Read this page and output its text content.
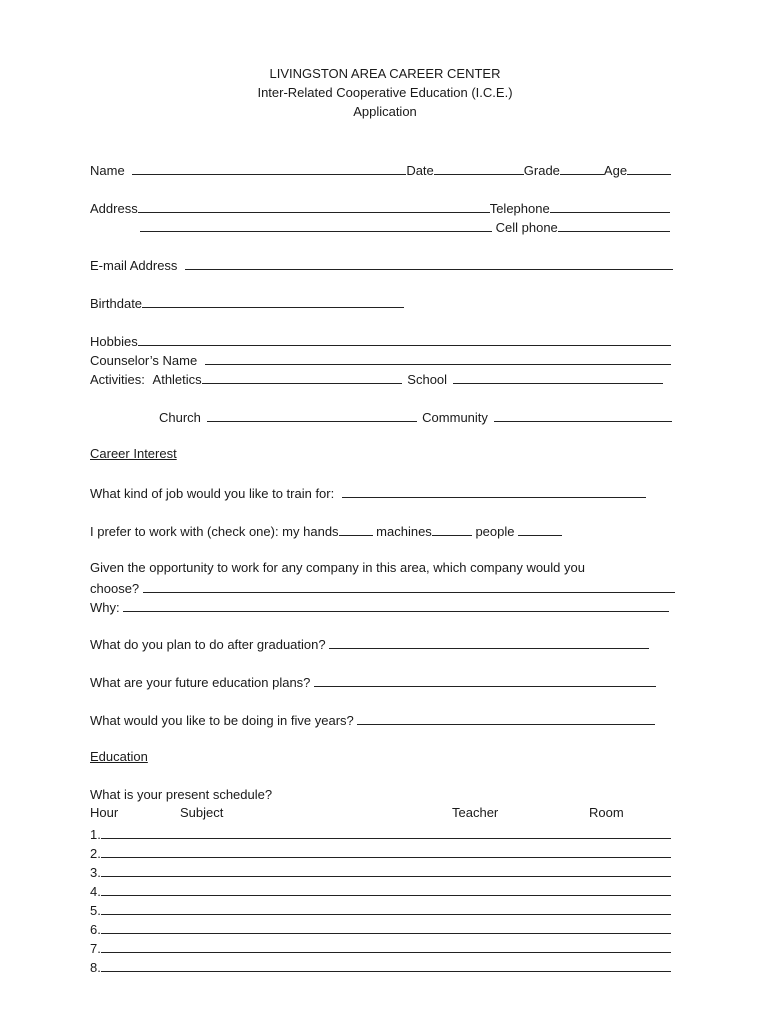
LIVINGSTON AREA CAREER CENTER
Inter-Related Cooperative Education (I.C.E.)
Application
Name	Date	Grade	Age
Address	Telephone
Cell phone
E-mail Address
Birthdate
Hobbies
Counselor’s Name
Activities: Athletics	School
Church	Community
Career Interest
What kind of job would you like to train for:
I prefer to work with (check one): my hands	machines	people
Given the opportunity to work for any company in this area, which company would you
choose?
Why:
What do you plan to do after graduation?
What are your future education plans?
What would you like to be doing in five years?
Education
What is your present schedule?
Hour	Subject	Teacher	Room
1.
2.
3.
4.
5.
6.
7.
8.
